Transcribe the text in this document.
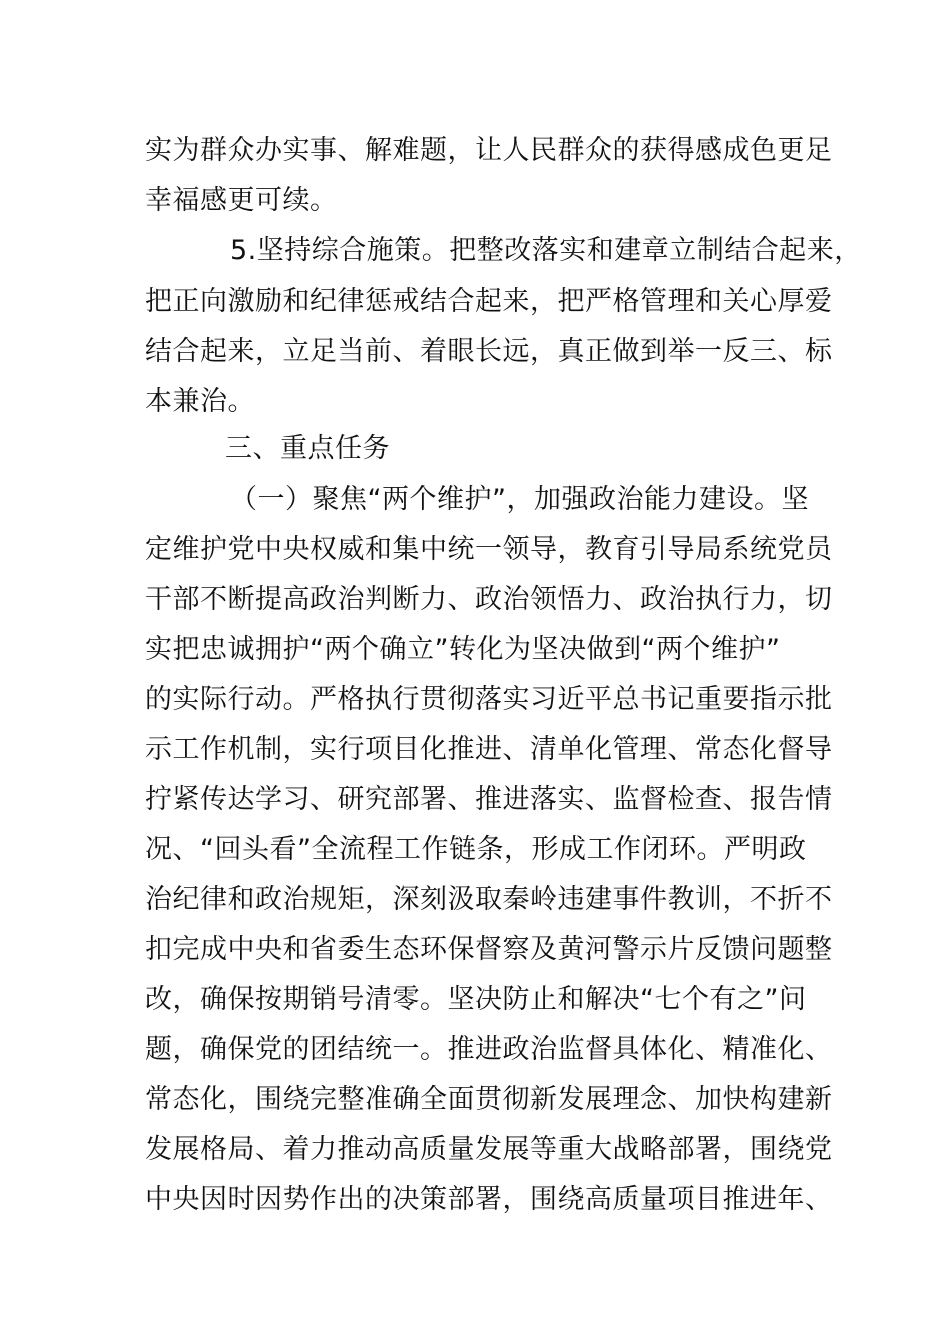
实为群众办实事、解难题，让人民群众的获得感成色更足
幸福感更可续。
5.坚持综合施策。把整改落实和建章立制结合起来，
把正向激励和纪律惩戒结合起来，把严格管理和关心厚爱
结合起来，立足当前、着眼长远，真正做到举一反三、标
本兼治。
三、重点任务
（一）聚焦“两个维护”，加强政治能力建设。坚
定维护党中央权威和集中统一领导，教育引导局系统党员
干部不断提高政治判断力、政治领悟力、政治执行力，切
实把忠诚拥护“两个确立”转化为坚决做到“两个维护”
的实际行动。严格执行贯彻落实习近平总书记重要指示批
示工作机制，实行项目化推进、清单化管理、常态化督导
拧紧传达学习、研究部署、推进落实、监督检查、报告情
况、“回头看”全流程工作链条，形成工作闭环。严明政
治纪律和政治规矩，深刻汲取秦岭违建事件教训，不折不
扣完成中央和省委生态环保督察及黄河警示片反馈问题整
改，确保按期销号清零。坚决防止和解决“七个有之”问
题，确保党的团结统一。推进政治监督具体化、精准化、
常态化，围绕完整准确全面贯彻新发展理念、加快构建新
发展格局、着力推动高质量发展等重大战略部署，围绕党
中央因时因势作出的决策部署，围绕高质量项目推进年、
